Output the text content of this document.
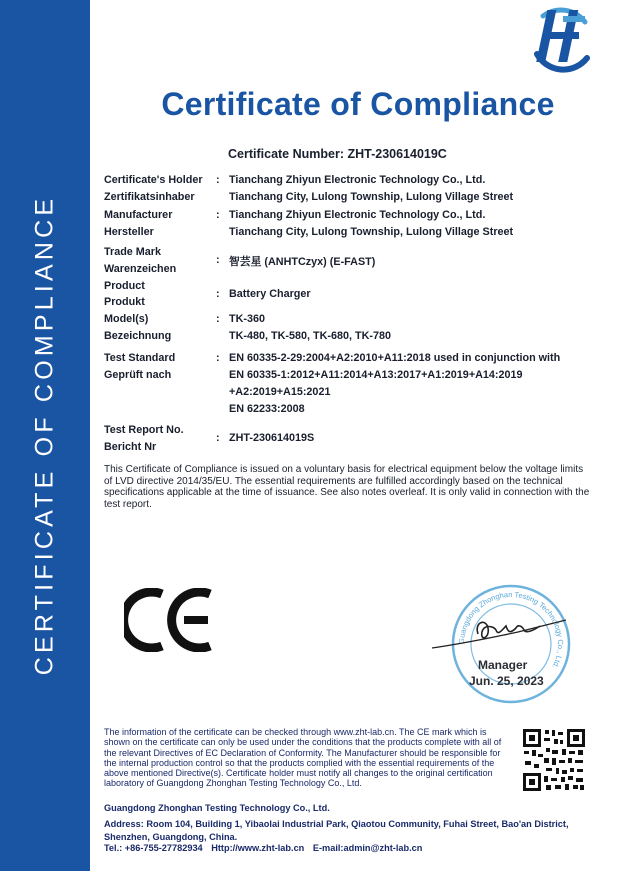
CERTIFICATE OF COMPLIANCE
Certificate of Compliance
Certificate Number: ZHT-230614019C
Certificate's Holder : Tianchang Zhiyun Electronic Technology Co., Ltd.
Zertifikatsinhaber	Tianchang City, Lulong Township, Lulong Village Street
Manufacturer	: Tianchang Zhiyun Electronic Technology Co., Ltd.
Hersteller	Tianchang City, Lulong Township, Lulong Village Street
Trade Mark
Warenzeichen
: 智芸星 (ANHTCzyx) (E-FAST)
Product
Produkt
: Battery Charger
Model(s)	: TK-360
Bezeichnung	TK-480, TK-580, TK-680, TK-780
Test Standard	: EN 60335-2-29:2004+A2:2010+A11:2018 used in conjunction with
Geprüft nach	EN 60335-1:2012+A11:2014+A13:2017+A1:2019+A14:2019
+A2:2019+A15:2021
EN 62233:2008
Test Report No.
Bericht Nr
: ZHT-230614019S
This Certificate of Compliance is issued on a voluntary basis for electrical equipment below the voltage limits of LVD directive 2014/35/EU. The essential requirements are fulfilled accordingly based on the technical specifications applicable at the time of issuance. See also notes overleaf. It is only valid in connection with the test report.
Guangdong Zhonghan Testing Technology Co., Ltd.
Manager
Jun. 25, 2023
The information of the certificate can be checked through www.zht-lab.cn. The CE mark which is shown on the certificate can only be used under the conditions that the products complete with all of the relevant Directives of EC Declaration of Conformity. The Manufacturer should be responsible for the internal production control so that the products complied with the essential requirements of the above mentioned Directive(s). Certificate holder must notify all changes to the original certification laboratory of Guangdong Zhonghan Testing Technology Co., Ltd.
Guangdong Zhonghan Testing Technology Co., Ltd.
Address: Room 104, Building 1, Yibaolai Industrial Park, Qiaotou Community, Fuhai Street, Bao'an District, Shenzhen, Guangdong, China.
Tel.: +86-755-27782934 Http://www.zht-lab.cn E-mail:admin@zht-lab.cn
